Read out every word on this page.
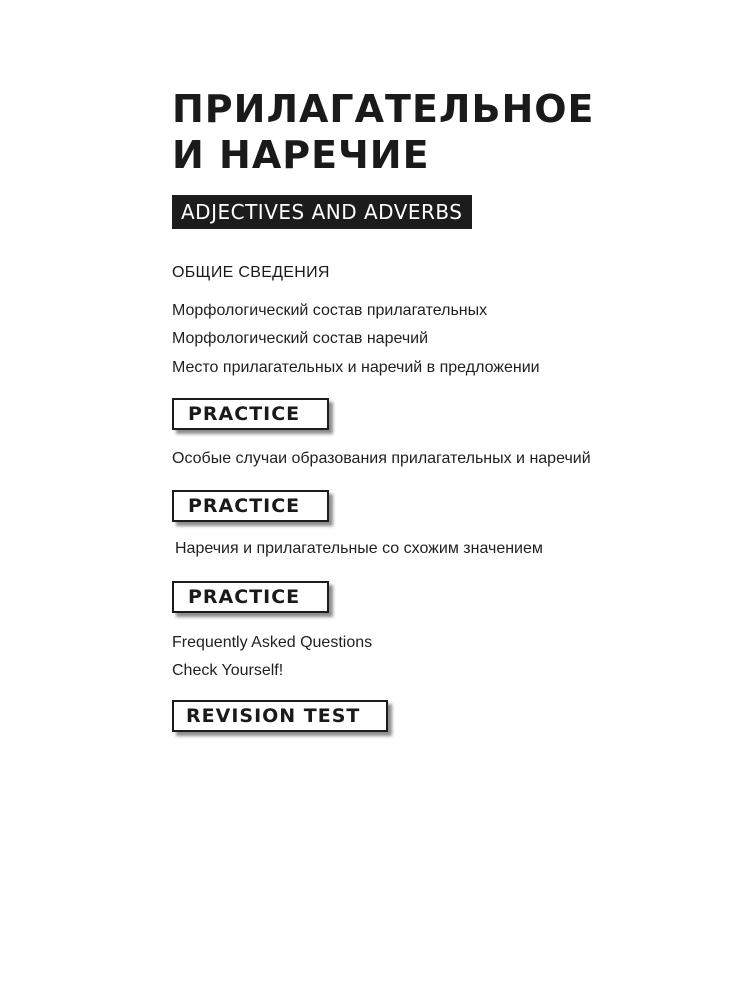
ПРИЛАГАТЕЛЬНОЕ
И НАРЕЧИЕ
ADJECTIVES AND ADVERBS
ОБЩИЕ СВЕДЕНИЯ
Морфологический состав прилагательных
Морфологический состав наречий
Место прилагательных и наречий в предложении
PRACTICE
Особые случаи образования прилагательных и наречий
PRACTICE
Наречия и прилагательные со схожим значением
PRACTICE
Frequently Asked Questions
Check Yourself!
REVISION TEST
